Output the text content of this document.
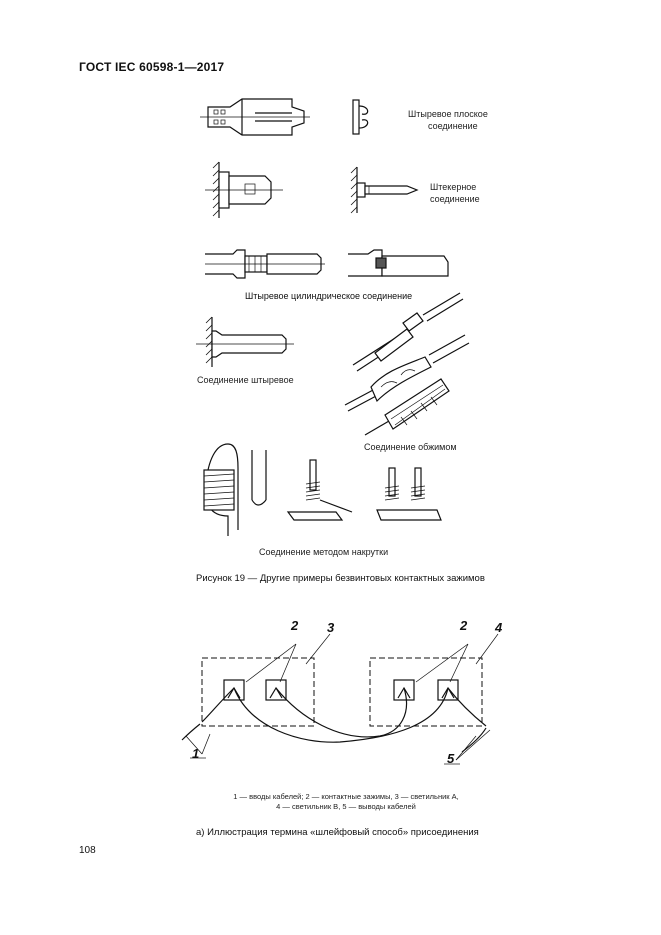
ГОСТ IEC 60598-1—2017
Штыревое плоское
соединение
Штекерное
соединение
Штыревое цилиндрическое соединение
Соединение штыревое
Соединение обжимом
Соединение методом накрутки
Рисунок 19 — Другие примеры безвинтовых контактных зажимов
2 3	2 4
1	5
1 — вводы кабелей; 2 — контактные зажимы, 3 — светильник А,
4 — светильник В, 5 — выводы кабелей
а) Иллюстрация термина «шлейфовый способ» присоединения
108
